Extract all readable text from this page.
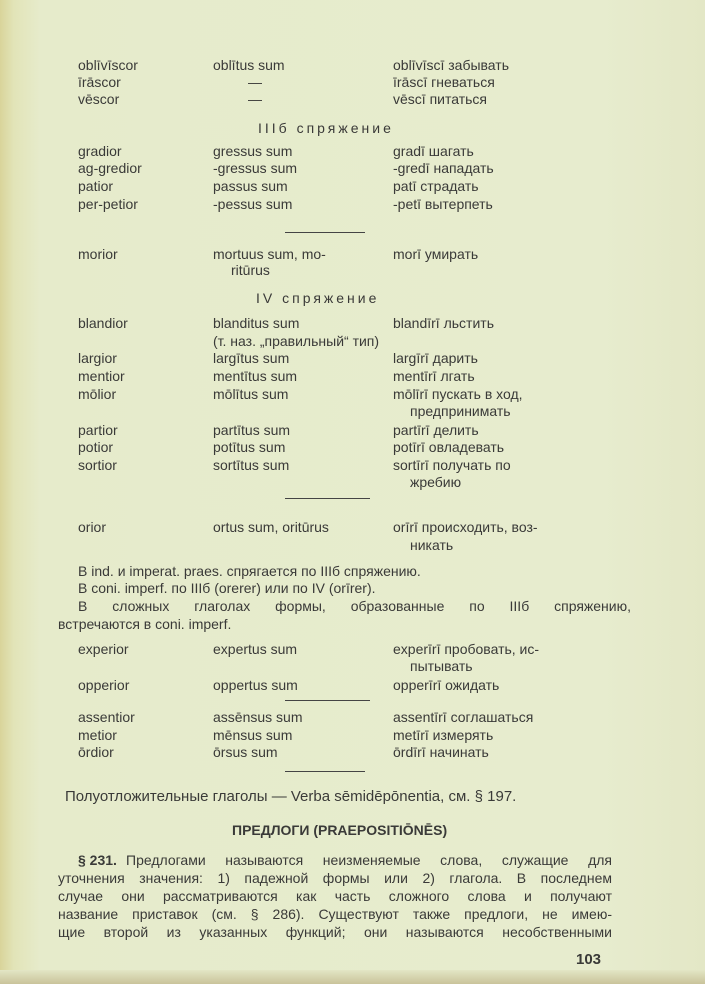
oblīvīscor	oblītus sum	oblīvīscī забывать
īrāscor	—	īrāscī гневаться
vēscor	—	vēscī питаться
IIIб спряжение
gradior	gressus sum	gradī шагать
ag-gredior	-gressus sum	-gredī нападать
patior	passus sum	patī страдать
per-petior	-pessus sum	-petī вытерпеть
morior	mortuus sum, mo-	morī умирать
ritūrus
IV спряжение
blandior	blanditus sum	blandīrī льстить
(т. наз. „правильный“ тип)
largior	largītus sum	largīrī дарить
mentior	mentītus sum	mentīrī лгать
mōlior	mōlītus sum	mōlīrī пускать в ход,
предпринимать
partior	partītus sum	partīrī делить
potior	potītus sum	potīrī овладевать
sortior	sortītus sum	sortīrī получать по
жребию
orior	ortus sum, oritūrus	orīrī происходить, воз-
никать
В ind. и imperat. praes. спрягается по IIIб спряжению.
В coni. imperf. по IIIб (orerer) или по IV (orīrer).
В сложных глаголах формы, образованные по IIIб спряжению,
встречаются в coni. imperf.
experior	expertus sum	experīrī пробовать, ис-
пытывать
opperior	oppertus sum	opperīrī ожидать
assentior	assēnsus sum	assentīrī соглашаться
metior	mēnsus sum	metīrī измерять
ōrdior	ōrsus sum	ōrdīrī начинать
Полуотложительные глаголы — Verba sēmidēpōnentia, см. § 197.
ПРЕДЛОГИ (PRAEPOSITIŌNĒS)
§ 231. Предлогами называются неизменяемые слова, служащие для
уточнения значения: 1) падежной формы или 2) глагола. В последнем
случае они рассматриваются как часть сложного слова и получают
название приставок (см. § 286). Существуют также предлоги, не имею-
щие второй из указанных функций; они называются несобственными
103
